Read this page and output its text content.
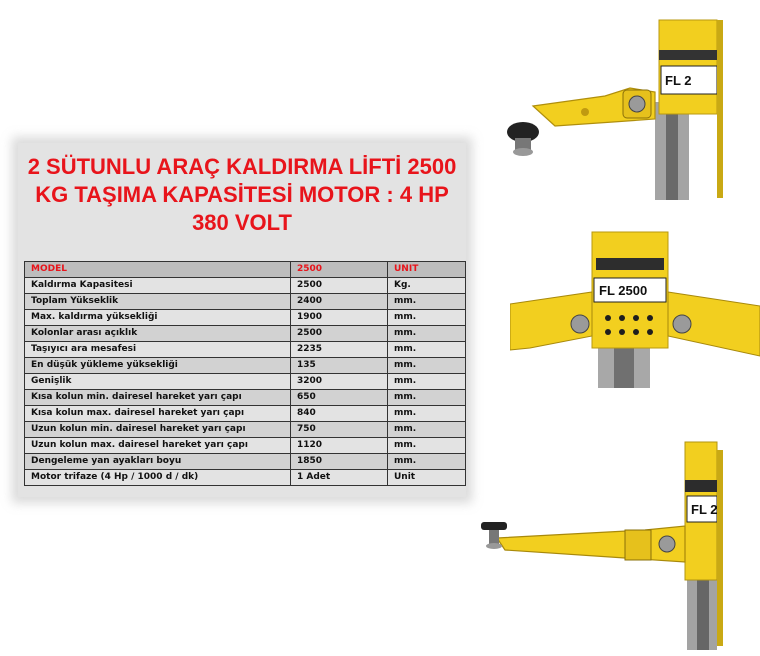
2 SÜTUNLU ARAÇ KALDIRMA LİFTİ 2500
KG TAŞIMA KAPASİTESİ MOTOR : 4 HP
380 VOLT
MODEL	2500	UNIT
Kaldırma Kapasitesi	2500	Kg.
Toplam Yükseklik	2400	mm.
Max. kaldırma yüksekliği	1900	mm.
Kolonlar arası açıklık	2500	mm.
Taşıyıcı ara mesafesi	2235	mm.
En düşük yükleme yüksekliği	135	mm.
Genişlik	3200	mm.
Kısa kolun min. dairesel hareket yarı çapı	650	mm.
Kısa kolun max. dairesel hareket yarı çapı	840	mm.
Uzun kolun min. dairesel hareket yarı çapı	750	mm.
Uzun kolun max. dairesel hareket yarı çapı	1120	mm.
Dengeleme yan ayakları boyu	1850	mm.
Motor trifaze (4 Hp / 1000 d / dk)	1 Adet	Unit
FL 2
FL 2500
FL 2
